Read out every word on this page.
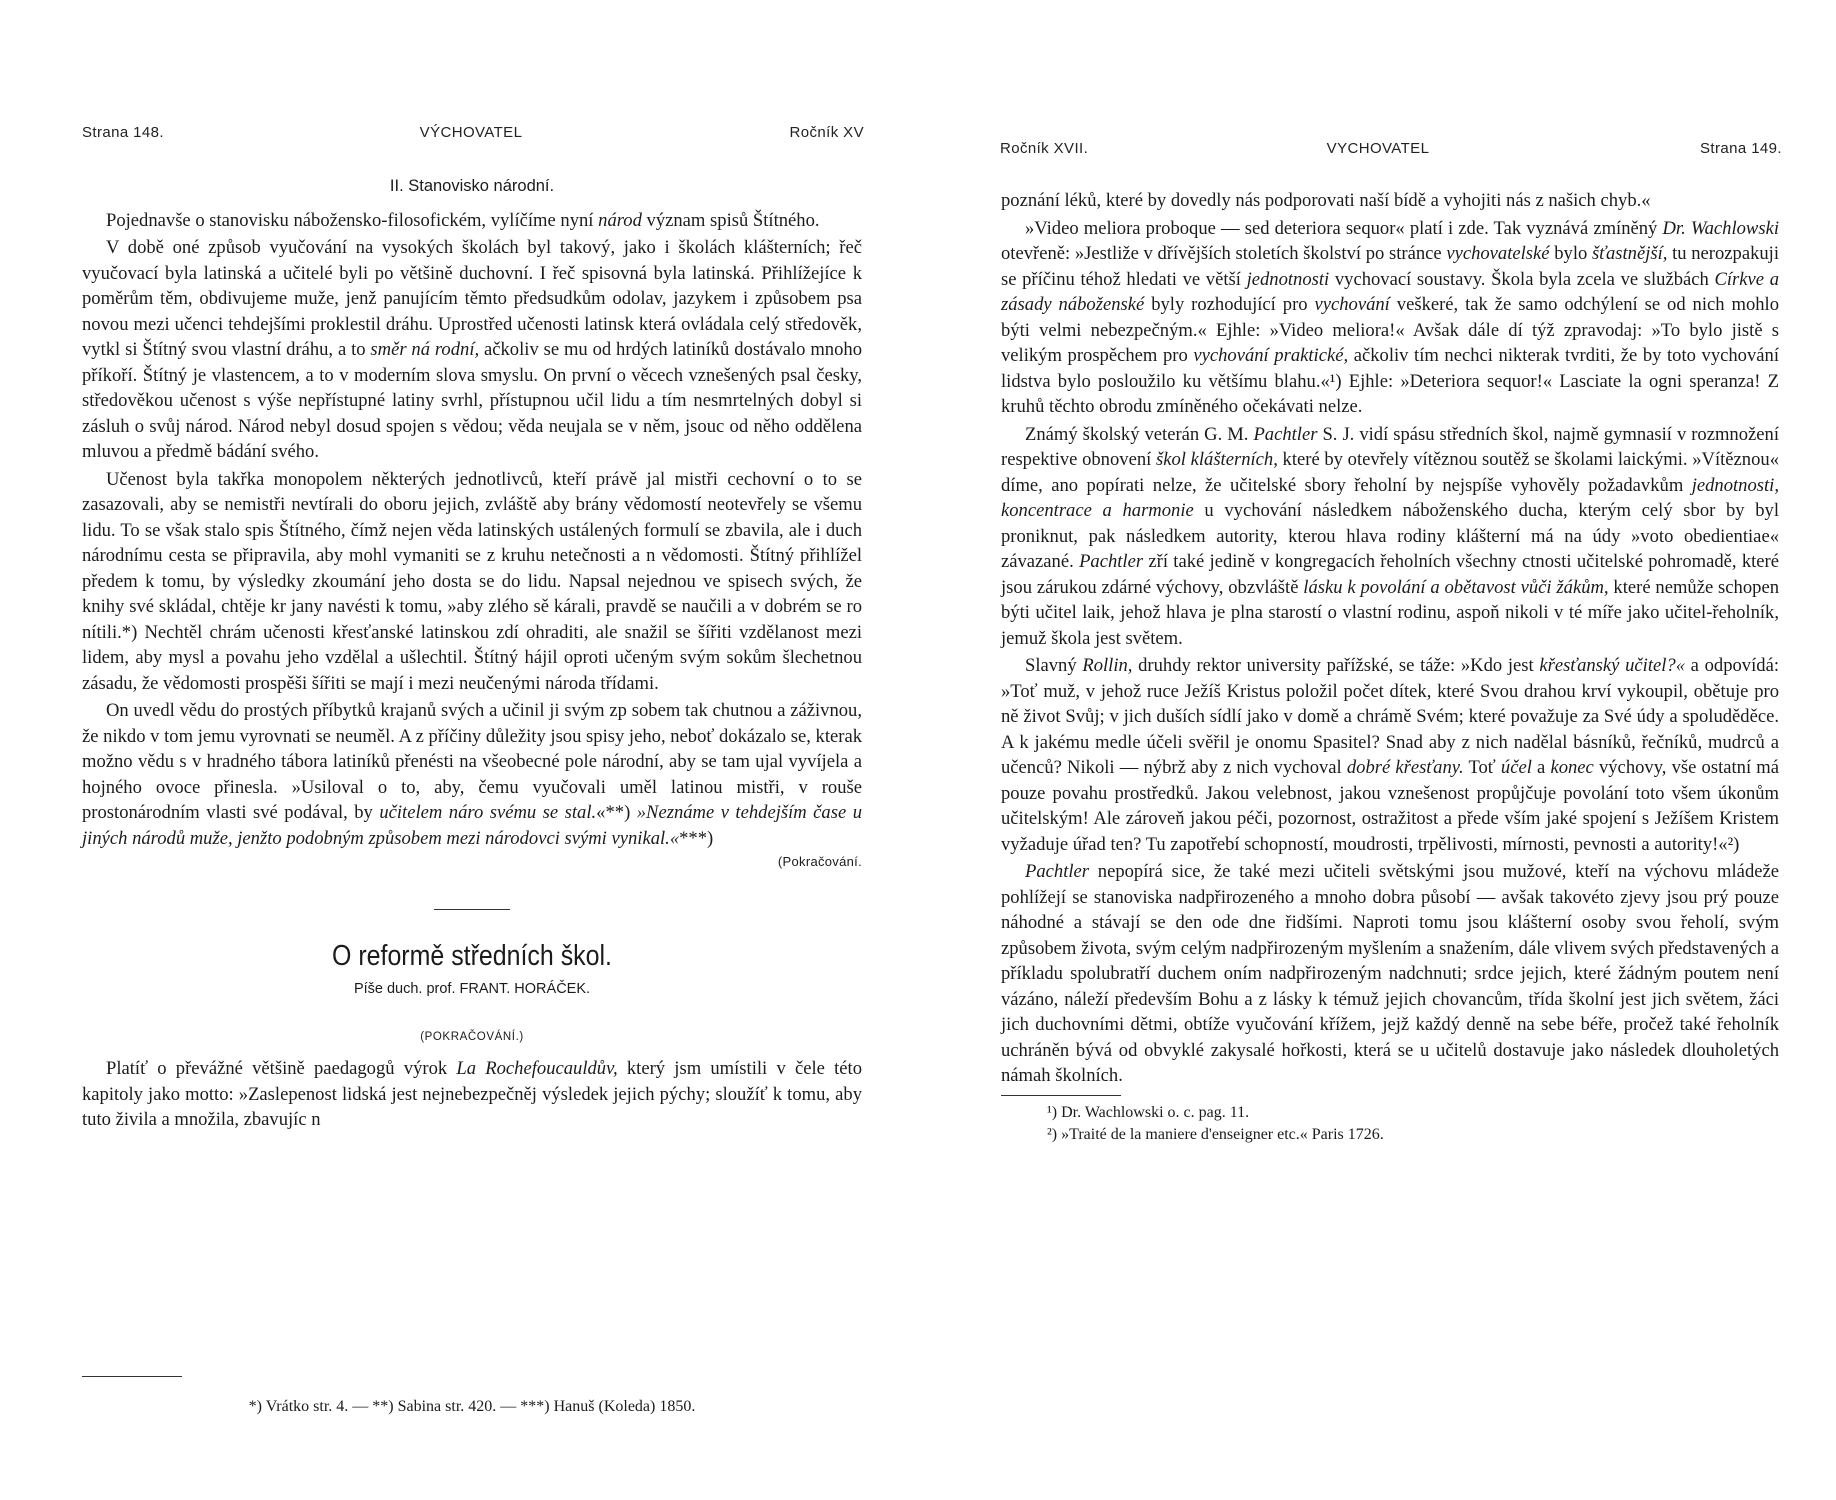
Strana 148.	VÝCHOVATEL	Ročník XV
II. Stanovisko národní.

Pojednavše o stanovisku nábožensko-filosofickém, vylíčíme nyní národ význam spisů Štítného.

V době oné způsob vyučování na vysokých školách byl takový, jako i školách klášterních; řeč vyučovací byla latinská a učitelé byli po většině duchovní. I řeč spisovná byla latinská. Přihlížejíce k poměrům těm, obdivujeme muže, jenž panujícím těmto předsudkům odolav, jazykem i způsobem psa novou mezi učenci tehdejšími proklestil dráhu. Uprostřed učenosti latinsk která ovládala celý středověk, vytkl si Štítný svou vlastní dráhu, a to směr ná rodní, ačkoliv se mu od hrdých latiníků dostávalo mnoho příkoří. Štítný je vlastencem, a to v moderním slova smyslu. On první o věcech vznešených psal česky, středověkou učenost s výše nepřístupné latiny svrhl, přístupnou učil lidu a tím nesmrtelných dobyl si zásluh o svůj národ. Národ nebyl dosud spojen s vědou; věda neujala se v něm, jsouc od něho oddělena mluvou a předmě bádání svého.

Učenost byla takřka monopolem některých jednotlivců, kteří právě jal mistři cechovní o to se zasazovali, aby se nemistři nevtírali do oboru jejich, zvláště aby brány vědomostí neotevřely se všemu lidu. To se však stalo spis Štítného, čímž nejen věda latinských ustálených formulí se zbavila, ale i duch národnímu cesta se připravila, aby mohl vymaniti se z kruhu netečnosti a n vědomosti. Štítný přihlížel předem k tomu, by výsledky zkoumání jeho dosta se do lidu. Napsal nejednou ve spisech svých, že knihy své skládal, chtěje kr jany navésti k tomu, »aby zlého sě kárali, pravdě se naučili a v dobrém se ro nítili.*) Nechtěl chrám učenosti křesťanské latinskou zdí ohraditi, ale snažil se šířiti vzdělanost mezi lidem, aby mysl a povahu jeho vzdělal a ušlechtil. Štítný hájil oproti učeným svým sokům šlechetnou zásadu, že vědomosti prospěši šířiti se mají i mezi neučenými národa třídami.

On uvedl vědu do prostých příbytků krajanů svých a učinil ji svým zp sobem tak chutnou a záživnou, že nikdo v tom jemu vyrovnati se neuměl. A z příčiny důležity jsou spisy jeho, neboť dokázalo se, kterak možno vědu s v hradného tábora latiníků přenésti na všeobecné pole národní, aby se tam ujal vyvíjela a hojného ovoce přinesla. »Usiloval o to, aby, čemu vyučovali uměl latinou mistři, v rouše prostonárodním vlasti své podával, by učitelem náro svému se stal.«**) »Neznáme v tehdejším čase u jiných národů muže, jenžto podobným způsobem mezi národovci svými vynikal.«***)

(Pokračování.
O reformě středních škol.
Píše duch. prof. FRANT. HORÁČEK.
(POKRAČOVÁNÍ.)

Platíť o převážné většině paedagogů výrok La Rochefoucauldův, který jsm umístili v čele této kapitoly jako motto: »Zaslepenost lidská jest nejnebezpečněj výsledek jejich pýchy; sloužíť k tomu, aby tuto živila a množila, zbavujíc n

*) Vrátko str. 4. — **) Sabina str. 420. — ***) Hanuš (Koleda) 1850.
Ročník XVII.	VYCHOVATEL	Strana 149.

poznání léků, které by dovedly nás podporovati naší bídě a vyhojiti nás z našich chyb.«

»Video meliora proboque — sed deteriora sequor« platí i zde. Tak vyznává zmíněný Dr. Wachlowski otevřeně: »Jestliže v dřívějších stoletích školství po stránce vychovatelské bylo šťastnější, tu nerozpakuji se příčinu téhož hledati ve větší jednotnosti vychovací soustavy. Škola byla zcela ve službách Církve a zásady náboženské byly rozhodující pro vychování veškeré, tak že samo odchýlení se od nich mohlo býti velmi nebezpečným.« Ejhle: »Video meliora!« Avšak dále dí týž zpravodaj: »To bylo jistě s velikým prospěchem pro vychování praktické, ačkoliv tím nechci nikterak tvrditi, že by toto vychování lidstva bylo posloužilo ku většímu blahu.«¹) Ejhle: »Deteriora sequor!« Lasciate la ogni speranza! Z kruhů těchto obrodu zmíněného očekávati nelze.

Známý školský veterán G. M. Pachtler S. J. vidí spásu středních škol, najmě gymnasií v rozmnožení respektive obnovení škol klášterních, které by otevřely vítěznou soutěž se školami laickými. »Vítěznou« díme, ano popírati nelze, že učitelské sbory řeholní by nejspíše vyhověly požadavkům jednotnosti, koncentrace a harmonie u vychování následkem náboženského ducha, kterým celý sbor by byl proniknut, pak následkem autority, kterou hlava rodiny klášterní má na údy »voto obedientiae« závazané. Pachtler zří také jedině v kongregacích řeholních všechny ctnosti učitelské pohromadě, které jsou zárukou zdárné výchovy, obzvláště lásku k povolání a obětavost vůči žákům, které nemůže schopen býti učitel laik, jehož hlava je plna starostí o vlastní rodinu, aspoň nikoli v té míře jako učitel-řeholník, jemuž škola jest světem.

Slavný Rollin, druhdy rektor university pařížské, se táže: »Kdo jest křesťanský učitel?« a odpovídá: »Toť muž, v jehož ruce Ježíš Kristus položil počet dítek, které Svou drahou krví vykoupil, obětuje pro ně život Svůj; v jich duších sídlí jako v domě a chrámě Svém; které považuje za Své údy a spoluděděce. A k jakému medle účeli svěřil je onomu Spasitel? Snad aby z nich nadělal básníků, řečníků, mudrců a učenců? Nikoli — nýbrž aby z nich vychoval dobré křesťany. Toť účel a konec výchovy, vše ostatní má pouze povahu prostředků. Jakou velebnost, jakou vznešenost propůjčuje povolání toto všem úkonům učitelským! Ale zároveň jakou péči, pozornost, ostražitost a přede vším jaké spojení s Ježíšem Kristem vyžaduje úřad ten? Tu zapotřebí schopností, moudrosti, trpělivosti, mírnosti, pevnosti a autority!«²)

Pachtler nepopírá sice, že také mezi učiteli světskými jsou mužové, kteří na výchovu mládeže pohlížejí se stanoviska nadpřirozeného a mnoho dobra působí — avšak takovéto zjevy jsou prý pouze náhodné a stávají se den ode dne řidšími. Naproti tomu jsou klášterní osoby svou řeholí, svým způsobem života, svým celým nadpřirozeným myšlením a snažením, dále vlivem svých představených a příkladu spolubratří duchem oním nadpřirozeným nadchnuti; srdce jejich, které žádným poutem není vázáno, náleží především Bohu a z lásky k témuž jejich chovancům, třída školní jest jich světem, žáci jich duchovními dětmi, obtíže vyučování křížem, jejž každý denně na sebe béře, pročež také řeholník uchráněn bývá od obvyklé zakysalé hořkosti, která se u učitelů dostavuje jako následek dlouholetých námah školních.

¹) Dr. Wachlowski o. c. pag. 11.
²) »Traité de la maniere d'enseigner etc.« Paris 1726.
